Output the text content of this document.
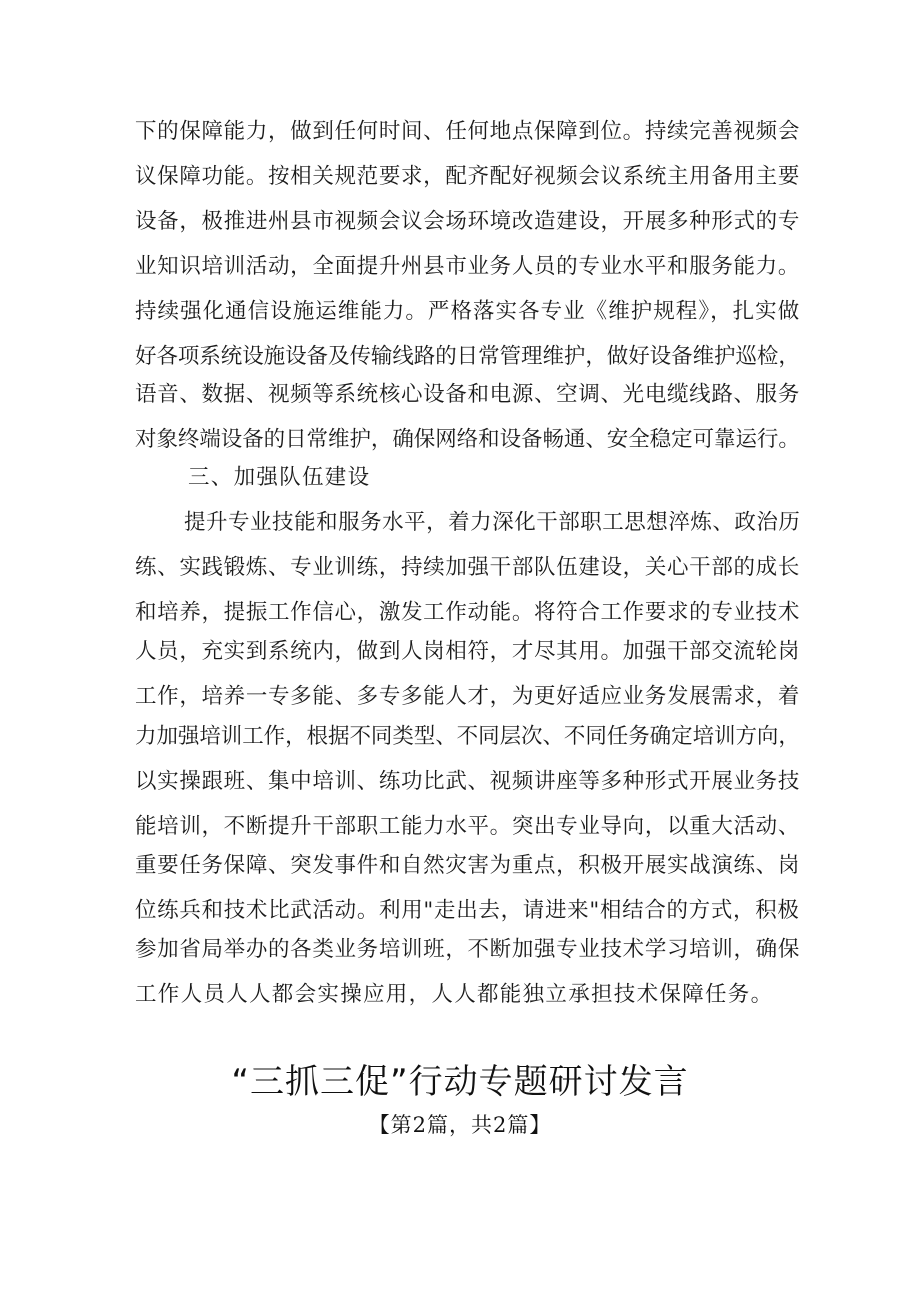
下的保障能力，做到任何时间、任何地点保障到位。持续完善视频会
议保障功能。按相关规范要求，配齐配好视频会议系统主用备用主要
设备，极推进州县市视频会议会场环境改造建设，开展多种形式的专
业知识培训活动，全面提升州县市业务人员的专业水平和服务能力。
持续强化通信设施运维能力。严格落实各专业《维护规程》，扎实做
好各项系统设施设备及传输线路的日常管理维护，做好设备维护巡检，
语音、数据、视频等系统核心设备和电源、空调、光电缆线路、服务
对象终端设备的日常维护，确保网络和设备畅通、安全稳定可靠运行。
三、加强队伍建设
提升专业技能和服务水平，着力深化干部职工思想淬炼、政治历
练、实践锻炼、专业训练，持续加强干部队伍建设，关心干部的成长
和培养，提振工作信心，激发工作动能。将符合工作要求的专业技术
人员，充实到系统内，做到人岗相符，才尽其用。加强干部交流轮岗
工作，培养一专多能、多专多能人才，为更好适应业务发展需求，着
力加强培训工作，根据不同类型、不同层次、不同任务确定培训方向，
以实操跟班、集中培训、练功比武、视频讲座等多种形式开展业务技
能培训，不断提升干部职工能力水平。突出专业导向，以重大活动、
重要任务保障、突发事件和自然灾害为重点，积极开展实战演练、岗
位练兵和技术比武活动。利用"走出去，请进来"相结合的方式，积极
参加省局举办的各类业务培训班，不断加强专业技术学习培训，确保
工作人员人人都会实操应用，人人都能独立承担技术保障任务。
“三抓三促”行动专题研讨发言
【第2篇，共2篇】
